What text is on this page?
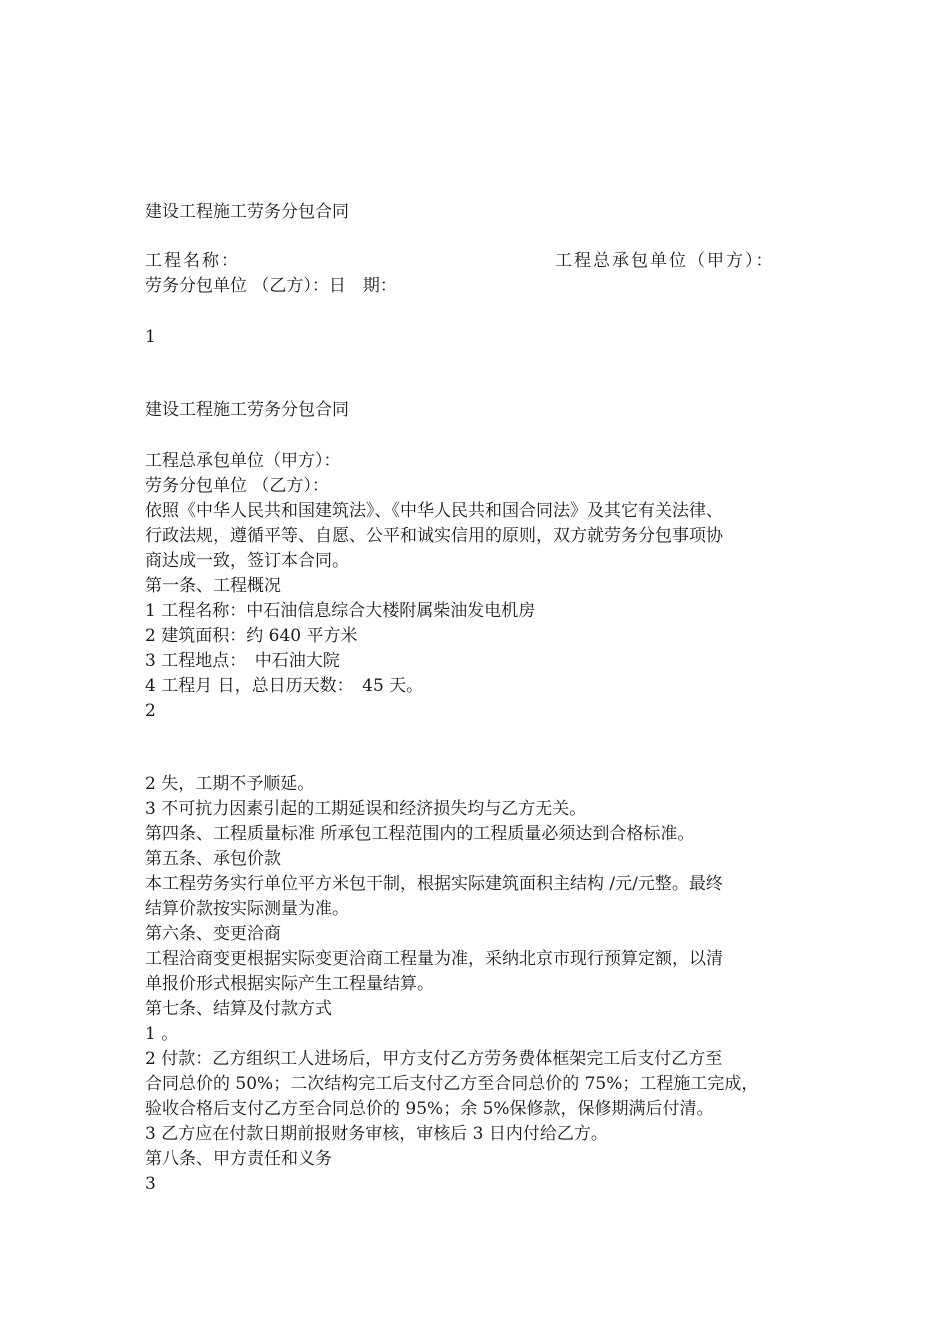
建设工程施工劳务分包合同
工程名称：	工程总承包单位（甲方）：
劳务分包单位 （乙方）：日　期：
1
建设工程施工劳务分包合同
工程总承包单位（甲方）：
劳务分包单位 （乙方）：
依照《中华人民共和国建筑法》、《中华人民共和国合同法》及其它有关法律、
行政法规，遵循平等、自愿、公平和诚实信用的原则，双方就劳务分包事项协
商达成一致，签订本合同。
第一条、工程概况
1 工程名称：中石油信息综合大楼附属柴油发电机房
2 建筑面积：约 640 平方米
3 工程地点：　中石油大院
4 工程月 日，总日历天数：　45 天。
2
2 失，工期不予顺延。
3 不可抗力因素引起的工期延误和经济损失均与乙方无关。
第四条、工程质量标准 所承包工程范围内的工程质量必须达到合格标准。
第五条、承包价款
本工程劳务实行单位平方米包干制，根据实际建筑面积主结构 /元/元整。最终
结算价款按实际测量为准。
第六条、变更洽商
工程洽商变更根据实际变更洽商工程量为准，采纳北京市现行预算定额，以清
单报价形式根据实际产生工程量结算。
第七条、结算及付款方式
1 。
2 付款：乙方组织工人进场后，甲方支付乙方劳务费体框架完工后支付乙方至
合同总价的 50%；二次结构完工后支付乙方至合同总价的 75%；工程施工完成，
验收合格后支付乙方至合同总价的 95%；余 5%保修款，保修期满后付清。
3 乙方应在付款日期前报财务审核，审核后 3 日内付给乙方。
第八条、甲方责任和义务
3
